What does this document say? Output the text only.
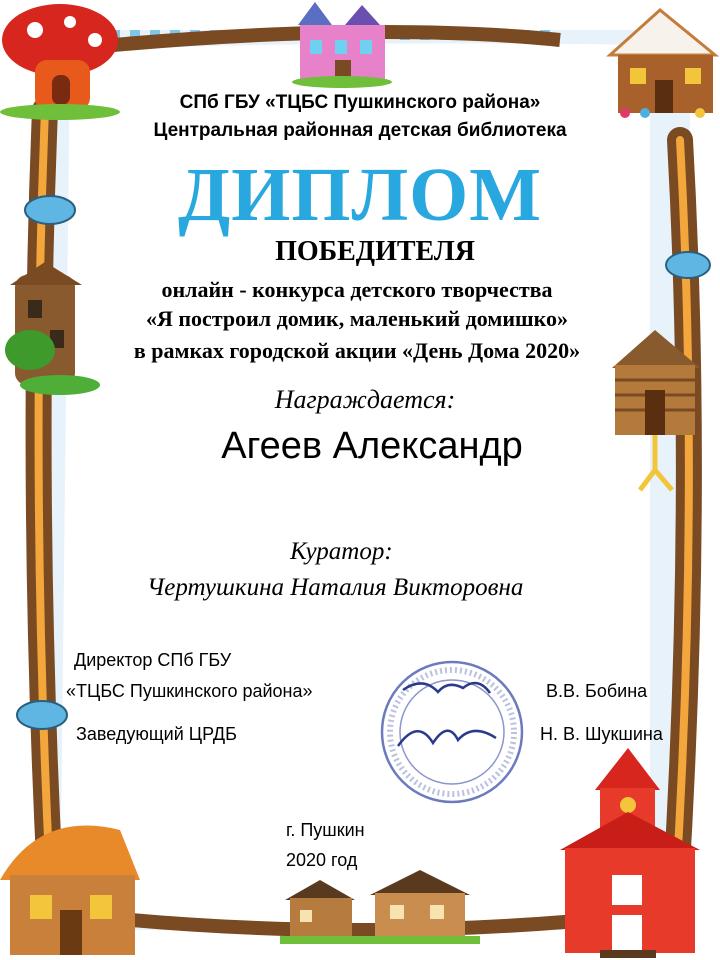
СПб ГБУ «ТЦБС Пушкинского района»
Центральная районная детская библиотека
ДИПЛОМ
ПОБЕДИТЕЛЯ
онлайн - конкурса детского творчества
«Я построил домик, маленький домишко»
в рамках городской акции «День Дома 2020»
Награждается:
Агеев Александр
Куратор:
Чертушкина Наталия Викторовна
Директор СПб ГБУ
«ТЦБС Пушкинского района»	В.В. Бобина
Заведующий ЦРДБ	Н. В. Шукшина
г. Пушкин
2020 год
